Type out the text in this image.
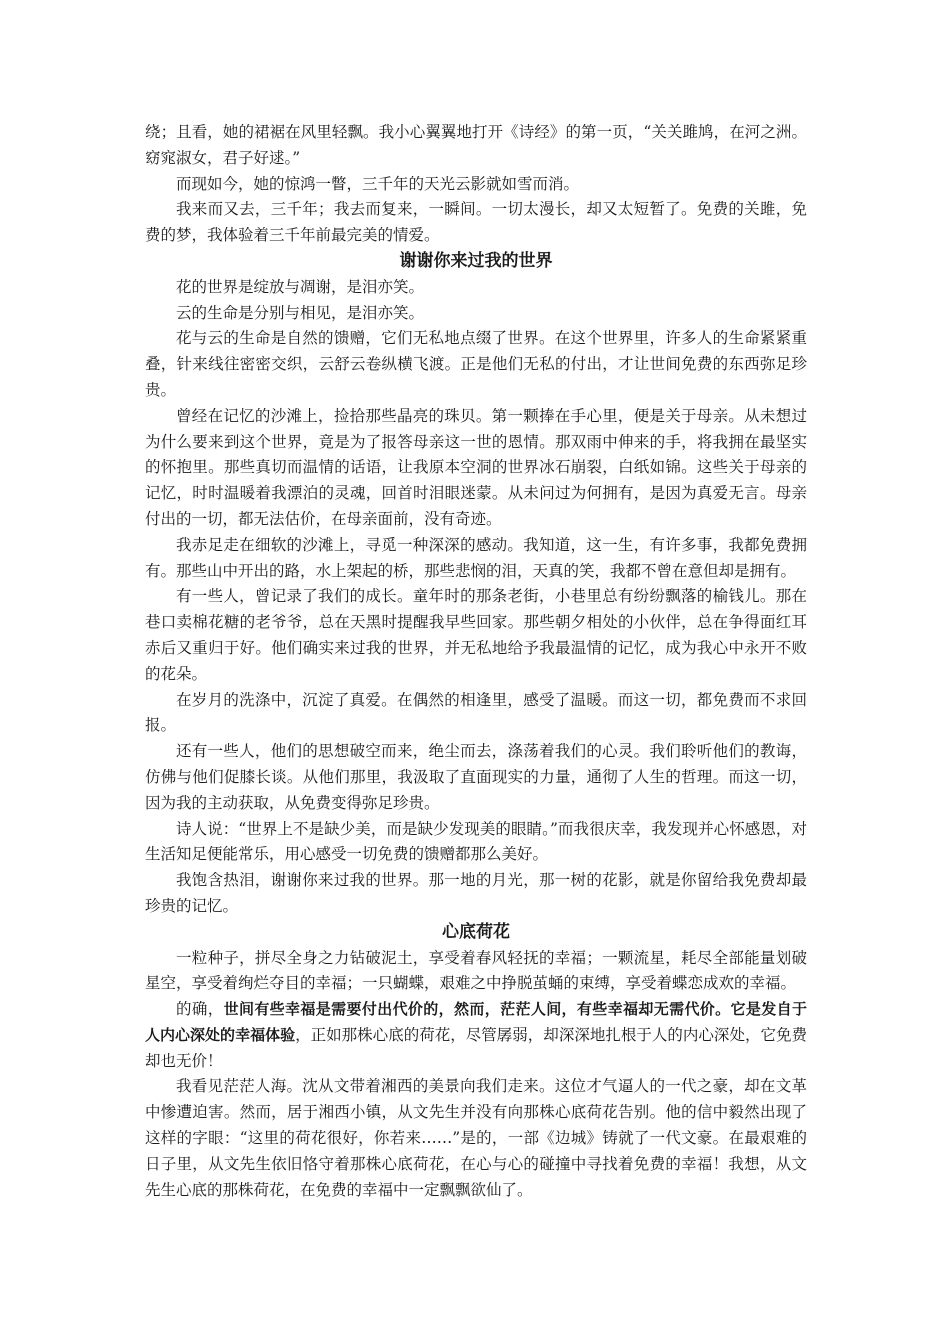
绕；且看，她的裙裾在风里轻飘。我小心翼翼地打开《诗经》的第一页，“关关雎鸠，在河之洲。窈窕淑女，君子好逑。”

而现如今，她的惊鸿一瞥，三千年的天光云影就如雪而消。

我来而又去，三千年；我去而复来，一瞬间。一切太漫长，却又太短暂了。免费的关雎，免费的梦，我体验着三千年前最完美的情爱。

谢谢你来过我的世界

花的世界是绽放与凋谢，是泪亦笑。

云的生命是分别与相见，是泪亦笑。

花与云的生命是自然的馈赠，它们无私地点缀了世界。在这个世界里，许多人的生命紧紧重叠，针来线往密密交织，云舒云卷纵横飞渡。正是他们无私的付出，才让世间免费的东西弥足珍贵。

曾经在记忆的沙滩上，捡拾那些晶亮的珠贝。第一颗捧在手心里，便是关于母亲。从未想过为什么要来到这个世界，竟是为了报答母亲这一世的恩情。那双雨中伸来的手，将我拥在最坚实的怀抱里。那些真切而温情的话语，让我原本空洞的世界冰石崩裂，白纸如锦。这些关于母亲的记忆，时时温暖着我漂泊的灵魂，回首时泪眼迷蒙。从未问过为何拥有，是因为真爱无言。母亲付出的一切，都无法估价，在母亲面前，没有奇迹。

我赤足走在细软的沙滩上，寻觅一种深深的感动。我知道，这一生，有许多事，我都免费拥有。那些山中开出的路，水上架起的桥，那些悲悯的泪，天真的笑，我都不曾在意但却是拥有。

有一些人，曾记录了我们的成长。童年时的那条老街，小巷里总有纷纷飘落的榆钱儿。那在巷口卖棉花糖的老爷爷，总在天黑时提醒我早些回家。那些朝夕相处的小伙伴，总在争得面红耳赤后又重归于好。他们确实来过我的世界，并无私地给予我最温情的记忆，成为我心中永开不败的花朵。

在岁月的洗涤中，沉淀了真爱。在偶然的相逢里，感受了温暖。而这一切，都免费而不求回报。

还有一些人，他们的思想破空而来，绝尘而去，涤荡着我们的心灵。我们聆听他们的教诲，仿佛与他们促膝长谈。从他们那里，我汲取了直面现实的力量，通彻了人生的哲理。而这一切，因为我的主动获取，从免费变得弥足珍贵。

诗人说：“世界上不是缺少美，而是缺少发现美的眼睛。”而我很庆幸，我发现并心怀感恩，对生活知足便能常乐，用心感受一切免费的馈赠都那么美好。

我饱含热泪，谢谢你来过我的世界。那一地的月光，那一树的花影，就是你留给我免费却最珍贵的记忆。

心底荷花

一粒种子，拼尽全身之力钻破泥土，享受着春风轻抚的幸福；一颗流星，耗尽全部能量划破星空，享受着绚烂夺目的幸福；一只蝴蝶，艰难之中挣脱茧蛹的束缚，享受着蝶恋成欢的幸福。

的确，世间有些幸福是需要付出代价的，然而，茫茫人间，有些幸福却无需代价。它是发自于人内心深处的幸福体验，正如那株心底的荷花，尽管孱弱，却深深地扎根于人的内心深处，它免费却也无价！

我看见茫茫人海。沈从文带着湘西的美景向我们走来。这位才气逼人的一代之豪，却在文革中惨遭迫害。然而，居于湘西小镇，从文先生并没有向那株心底荷花告别。他的信中毅然出现了这样的字眼：“这里的荷花很好，你若来……”是的，一部《边城》铸就了一代文豪。在最艰难的日子里，从文先生依旧恪守着那株心底荷花，在心与心的碰撞中寻找着免费的幸福！我想，从文先生心底的那株荷花，在免费的幸福中一定飘飘欲仙了。
